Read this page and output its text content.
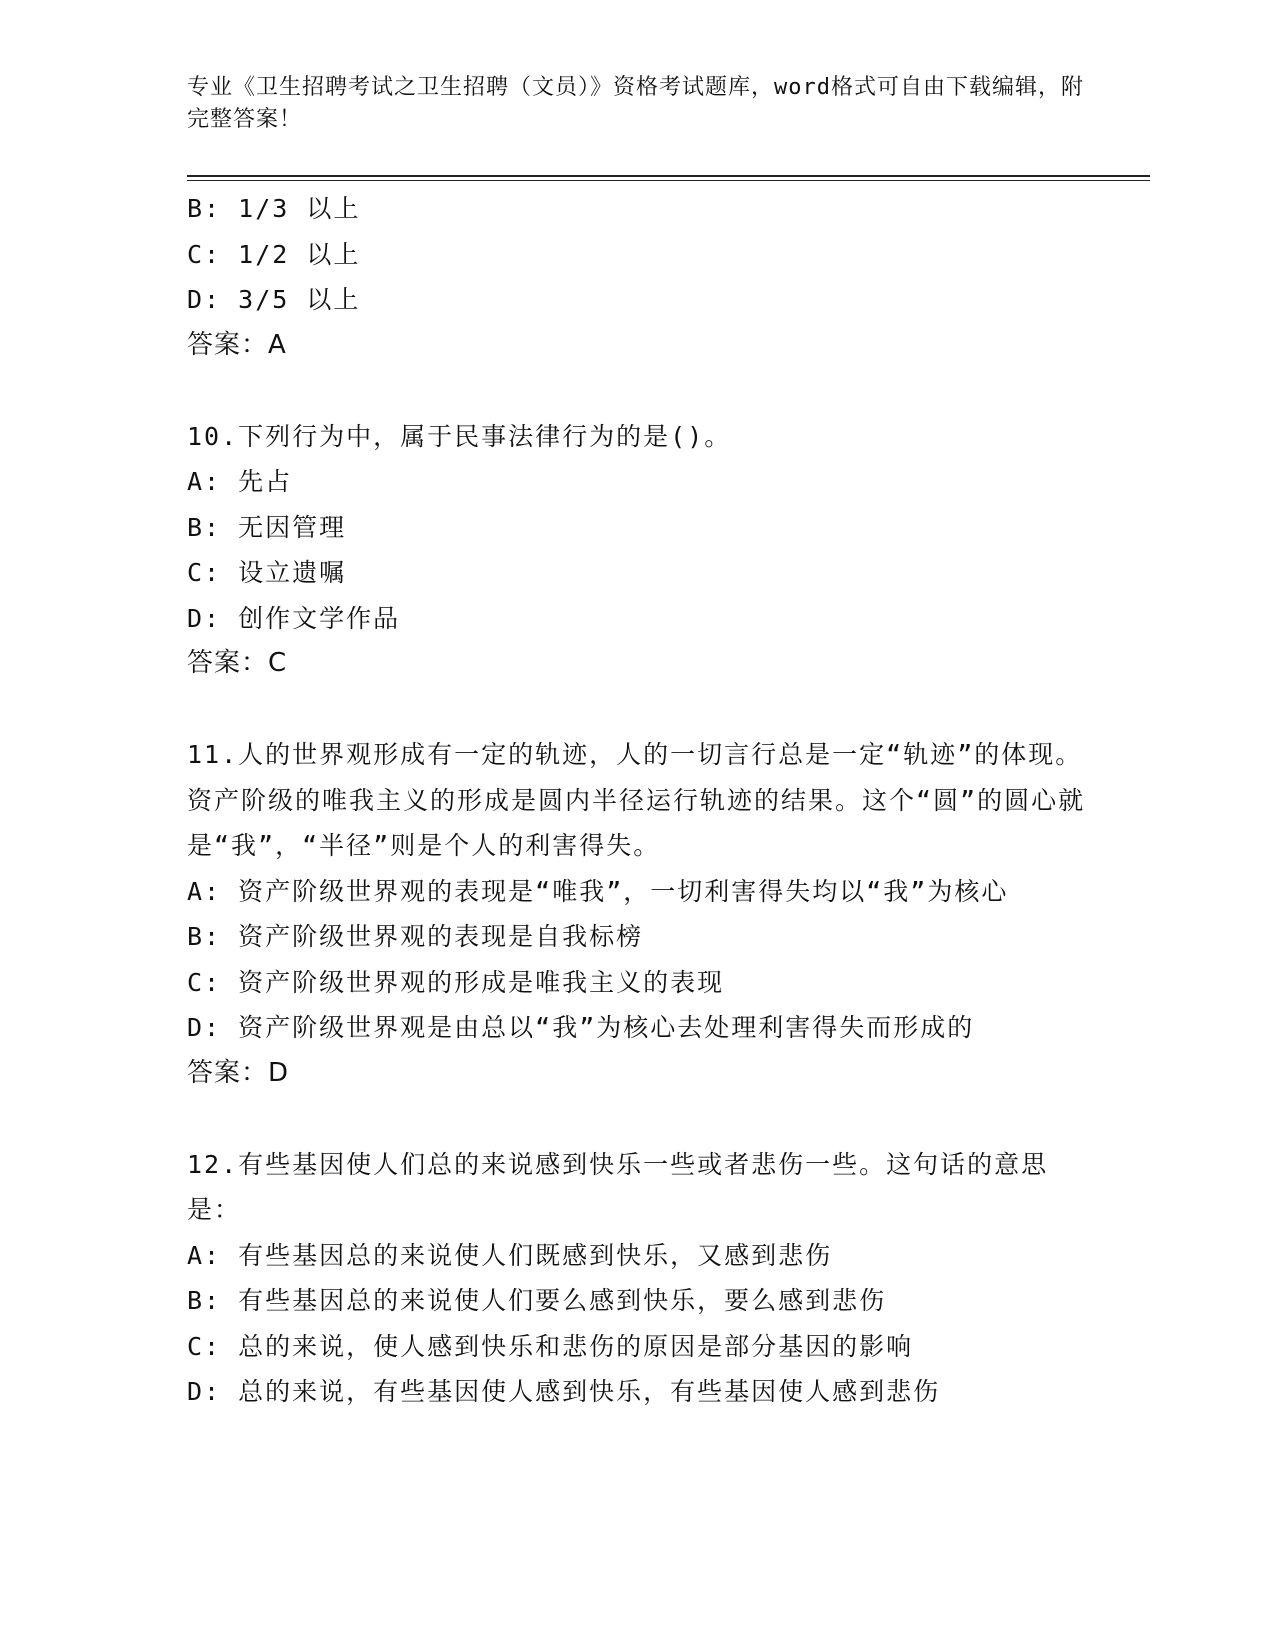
专业《卫生招聘考试之卫生招聘（文员）》资格考试题库，word格式可自由下载编辑，附完整答案！

B: 1/3 以上

C: 1/2 以上

D: 3/5 以上

答案：A

10.下列行为中，属于民事法律行为的是()。

A: 先占

B: 无因管理

C: 设立遗嘱

D: 创作文学作品

答案：C

11.人的世界观形成有一定的轨迹，人的一切言行总是一定“轨迹”的体现。资产阶级的唯我主义的形成是圆内半径运行轨迹的结果。这个“圆”的圆心就是“我”，“半径”则是个人的利害得失。

A: 资产阶级世界观的表现是“唯我”，一切利害得失均以“我”为核心

B: 资产阶级世界观的表现是自我标榜

C: 资产阶级世界观的形成是唯我主义的表现

D: 资产阶级世界观是由总以“我”为核心去处理利害得失而形成的

答案：D

12.有些基因使人们总的来说感到快乐一些或者悲伤一些。这句话的意思是：

A: 有些基因总的来说使人们既感到快乐，又感到悲伤

B: 有些基因总的来说使人们要么感到快乐，要么感到悲伤

C: 总的来说，使人感到快乐和悲伤的原因是部分基因的影响

D: 总的来说，有些基因使人感到快乐，有些基因使人感到悲伤
